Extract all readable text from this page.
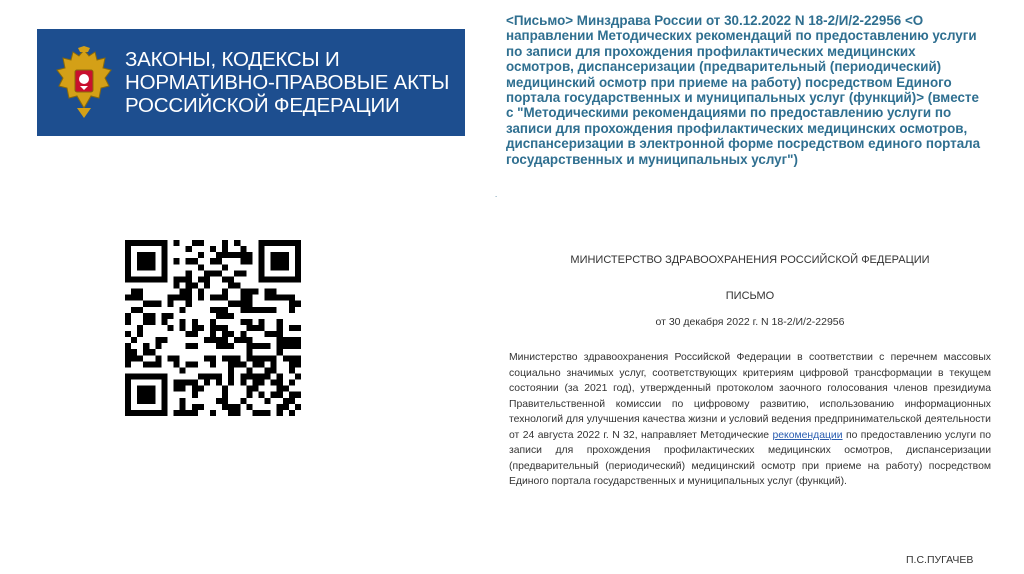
ЗАКОНЫ, КОДЕКСЫ И
НОРМАТИВНО-ПРАВОВЫЕ АКТЫ
РОССИЙСКОЙ ФЕДЕРАЦИИ
<Письмо> Минздрава России от 30.12.2022 N 18-2/И/2-22956 <О направлении Методических рекомендаций по предоставлению услуги по записи для прохождения профилактических медицинских осмотров, диспансеризации (предварительный (периодический) медицинский осмотр при приеме на работу) посредством Единого портала государственных и муниципальных услуг (функций)> (вместе с "Методическими рекомендациями по предоставлению услуги по записи для прохождения профилактических медицинских осмотров, диспансеризации в электронной форме посредством единого портала государственных и муниципальных услуг")
˙
МИНИСТЕРСТВО ЗДРАВООХРАНЕНИЯ РОССИЙСКОЙ ФЕДЕРАЦИИ
ПИСЬМО
от 30 декабря 2022 г. N 18-2/И/2-22956
Министерство здравоохранения Российской Федерации в соответствии с перечнем массовых социально значимых услуг, соответствующих критериям цифровой трансформации в текущем состоянии (за 2021 год), утвержденный протоколом заочного голосования членов президиума Правительственной комиссии по цифровому развитию, использованию информационных технологий для улучшения качества жизни и условий ведения предпринимательской деятельности от 24 августа 2022 г. N 32, направляет Методические рекомендации по предоставлению услуги по записи для прохождения профилактических медицинских осмотров, диспансеризации (предварительный (периодический) медицинский осмотр при приеме на работу) посредством Единого портала государственных и муниципальных услуг (функций).
П.С.ПУГАЧЕВ
